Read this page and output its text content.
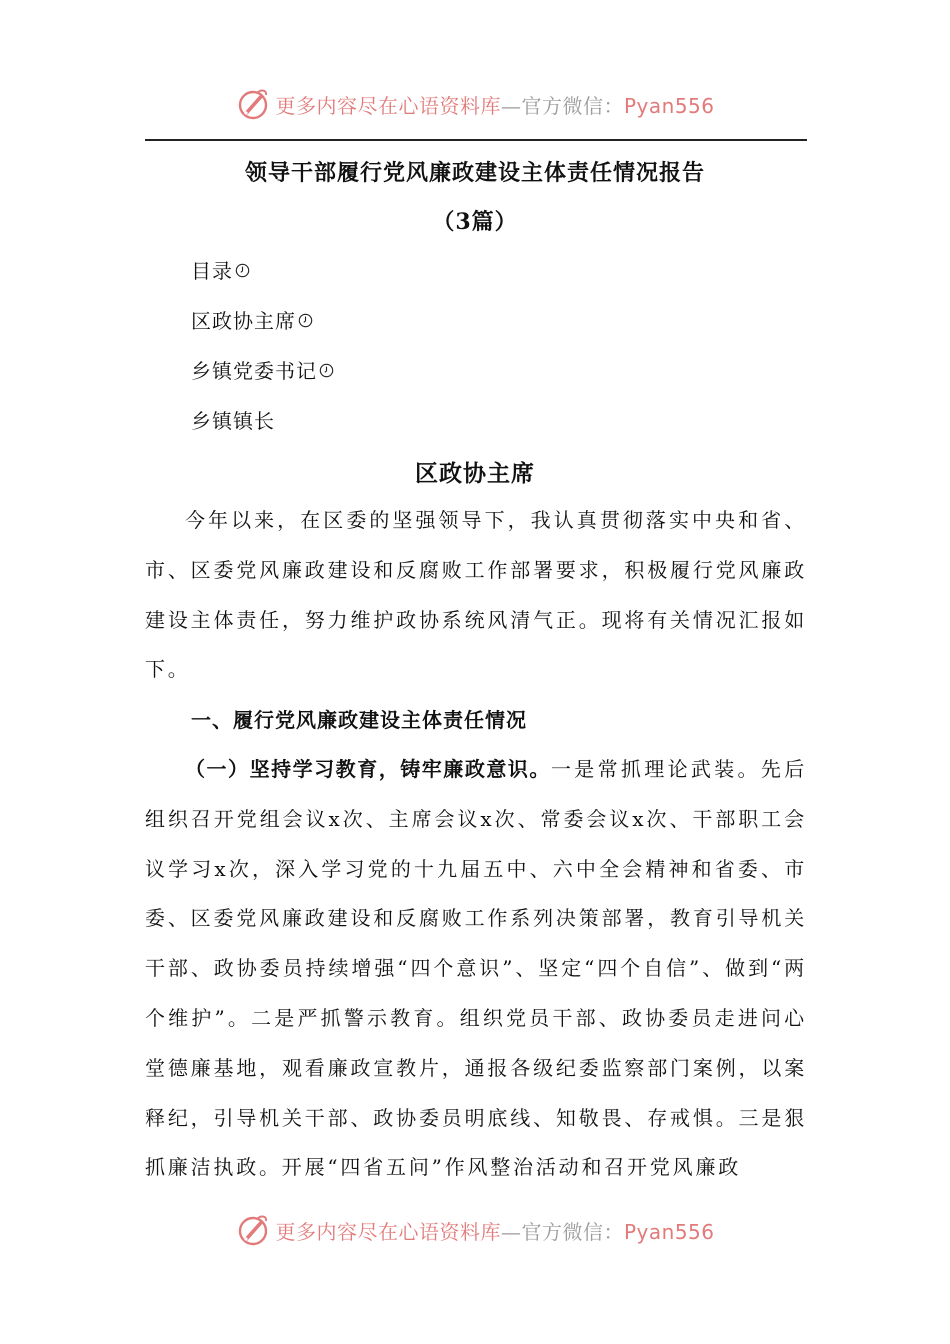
更多内容尽在心语资料库—官方微信：Pyan556
领导干部履行党风廉政建设主体责任情况报告
（3篇）
目录
区政协主席
乡镇党委书记
乡镇镇长
区政协主席

今年以来，在区委的坚强领导下，我认真贯彻落实中央和省、市、区委党风廉政建设和反腐败工作部署要求，积极履行党风廉政建设主体责任，努力维护政协系统风清气正。现将有关情况汇报如下。

一、履行党风廉政建设主体责任情况

（一）坚持学习教育，铸牢廉政意识。一是常抓理论武装。先后组织召开党组会议x次、主席会议x次、常委会议x次、干部职工会议学习x次，深入学习党的十九届五中、六中全会精神和省委、市委、区委党风廉政建设和反腐败工作系列决策部署，教育引导机关干部、政协委员持续增强“四个意识”、坚定“四个自信”、做到“两个维护”。二是严抓警示教育。组织党员干部、政协委员走进问心堂德廉基地，观看廉政宣教片，通报各级纪委监察部门案例，以案释纪，引导机关干部、政协委员明底线、知敬畏、存戒惧。三是狠抓廉洁执政。开展“四省五问”作风整治活动和召开党风廉政

更多内容尽在心语资料库—官方微信：Pyan556
